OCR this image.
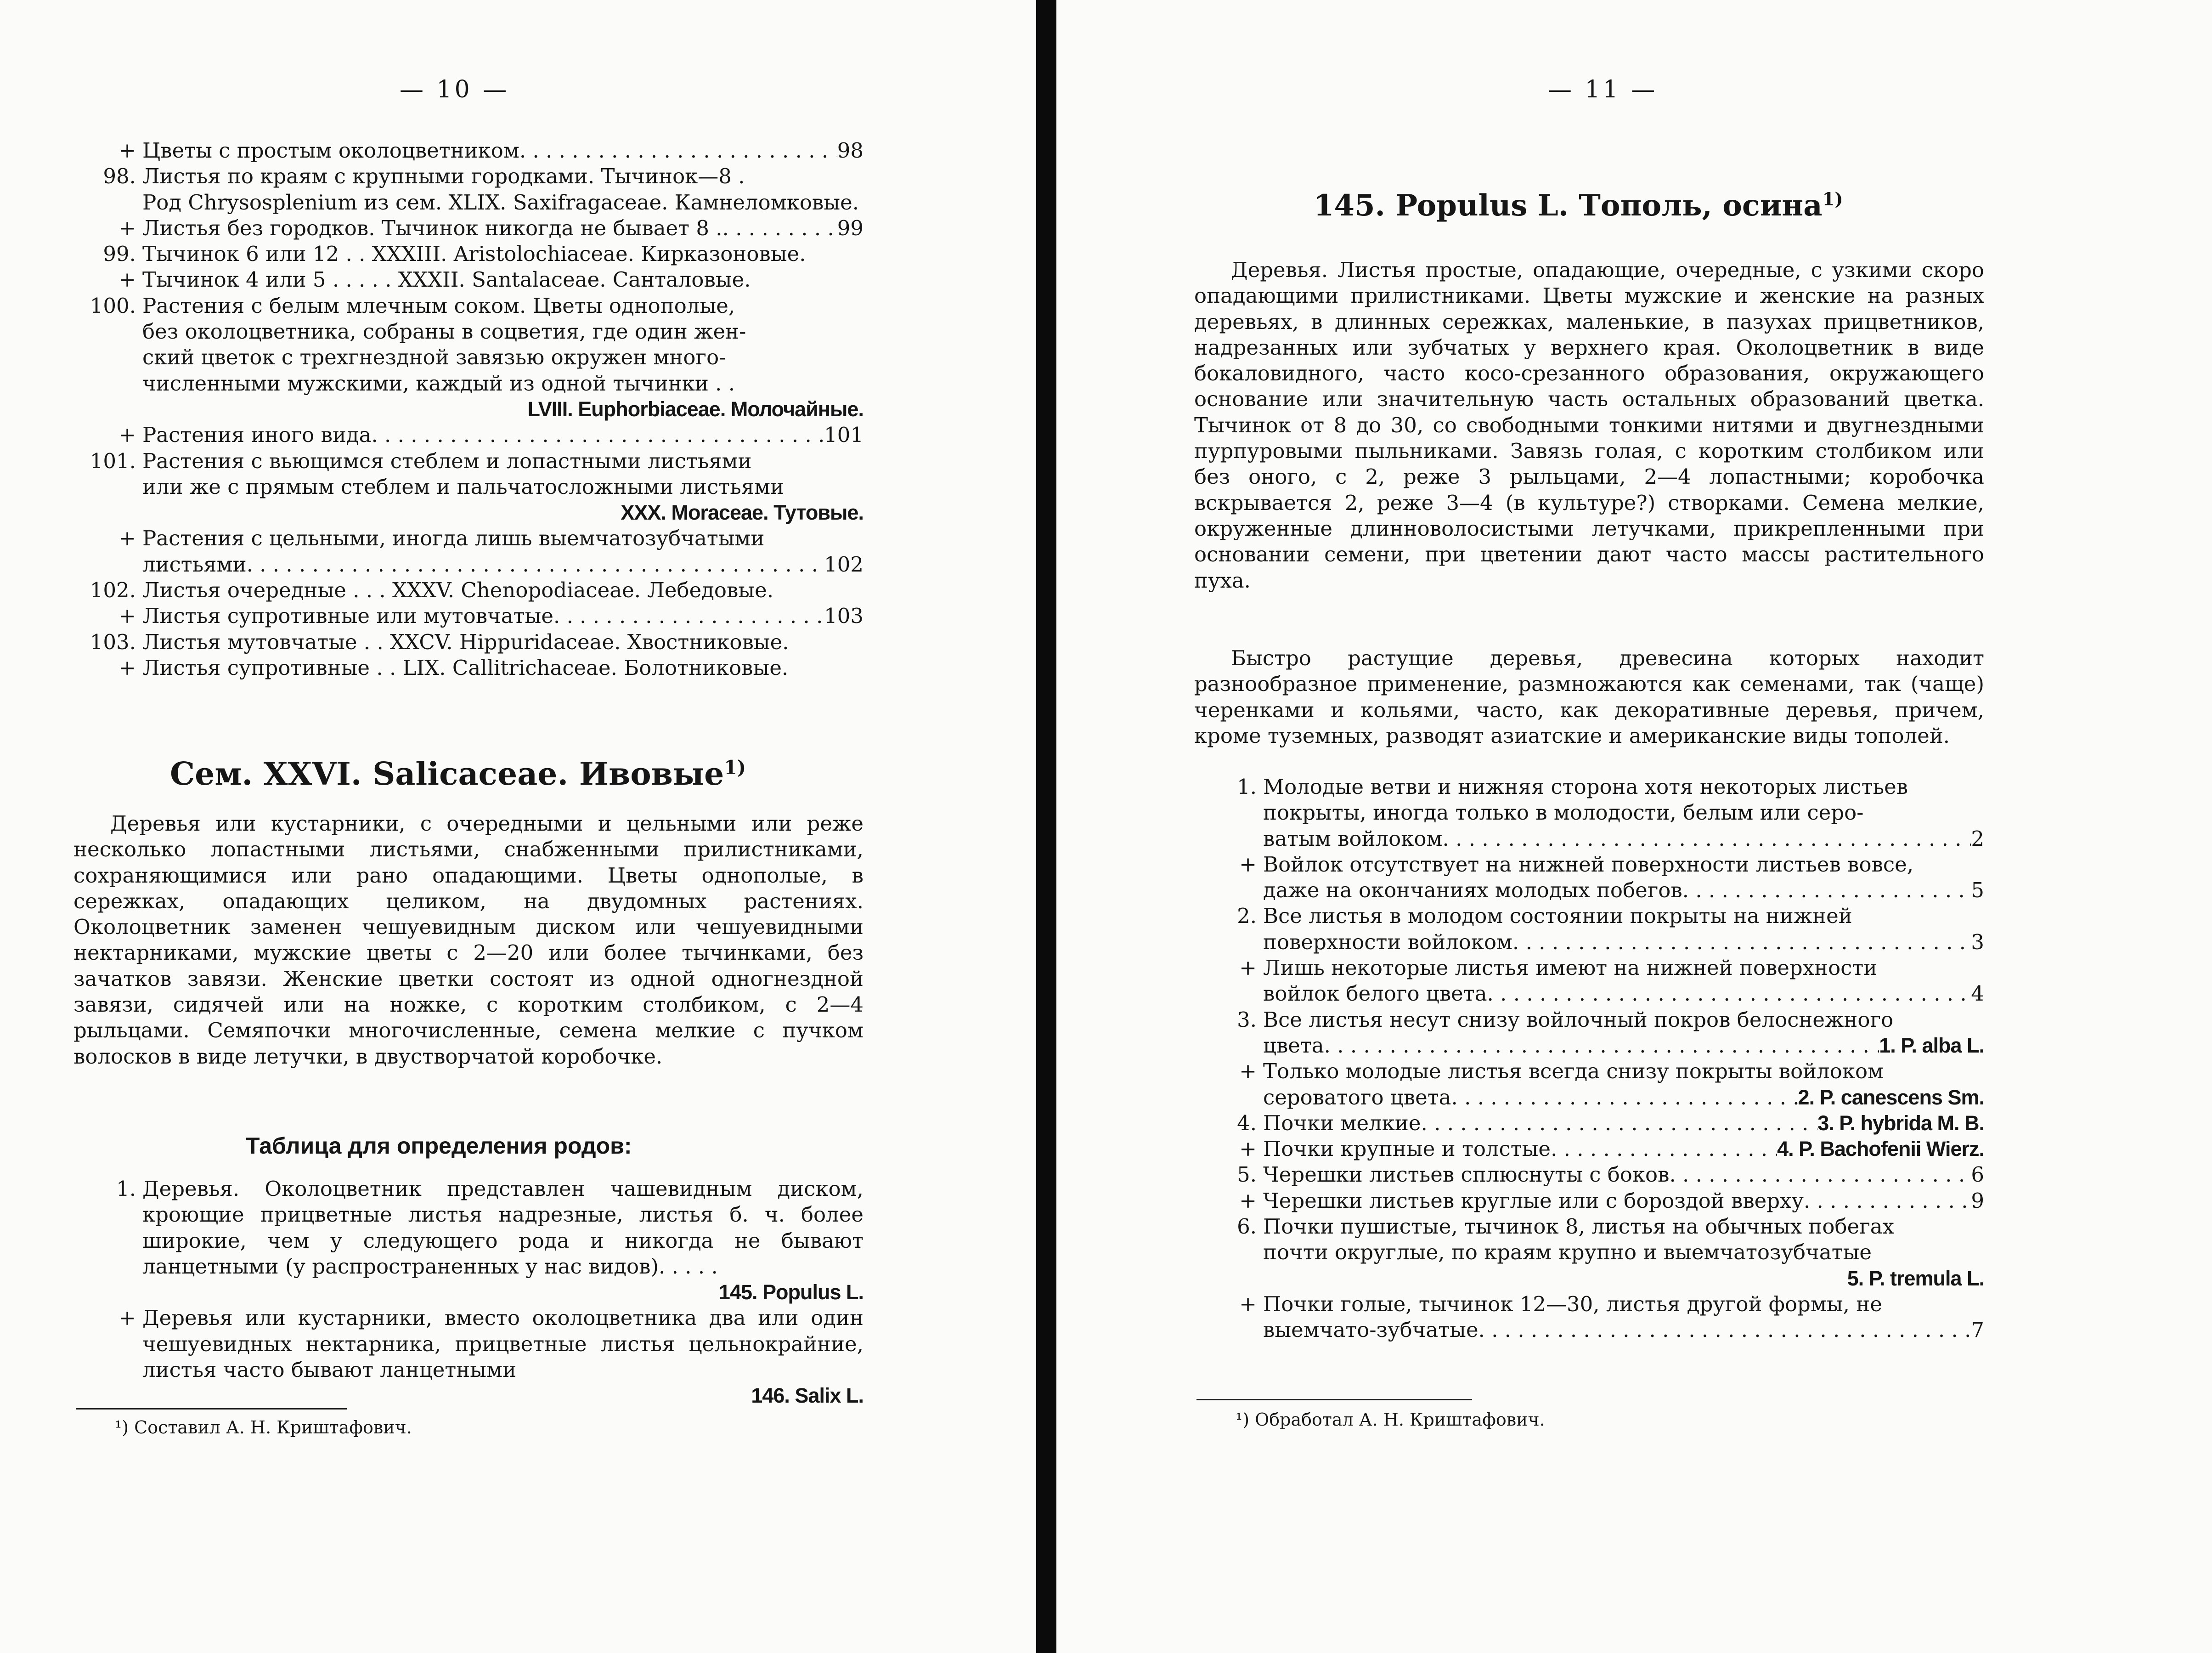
— 10 —
+ Цветы с простым околоцветником . . .	98
98. Листья по краям с крупными городками. Тычинок—8 .
Род Chrysosplenium из сем. XLIX. Saxifragaceae. Камнеломковые.
+ Листья без городков. Тычинок никогда не бывает 8 . . . .	99
99. Тычинок 6 или 12 . . XXXIII. Aristolochiaceae. Кирказоновые.
+ Тычинок 4 или 5 . . . . . XXXII. Santalaceae. Санталовые.
100. Растения с белым млечным соком. Цветы однополые,
без околоцветника, собраны в соцветия, где один жен-
ский цветок с трехгнездной завязью окружен много-
численными мужскими, каждый из одной тычинки . .
LVIII. Euphorbiaceae. Молочайные.
+ Растения иного вида . . .	101
101. Растения с вьющимся стеблем и лопастными листьями
или же с прямым стеблем и пальчатосложными листьями
XXX. Moraceae. Тутовые.
+ Растения с цельными, иногда лишь выемчатозубчатыми
листьями . . .	102
102. Листья очередные . . . XXXV. Chenopodiaceae. Лебедовые.
+ Листья супротивные или мутовчатые . . .	103
103. Листья мутовчатые . . XXCV. Hippuridaceae. Хвостниковые.
+ Листья супротивные . . LIX. Callitrichaceae. Болотниковые.
Сем. XXVI. Salicaceae. Ивовые$^{1)}$
Деревья или кустарники, с очередными и цельными или реже несколько лопастными листьями, снабженными прилистниками, сохраняющимися или рано опадающими. Цветы однополые, в сережках, опадающих целиком, на двудомных растениях. Околоцветник заменен чешуевидным диском или чешуевидными нектарниками, мужские цветы с 2—20 или более тычинками, без зачатков завязи. Женские цветки состоят из одной одногнездной завязи, сидячей или на ножке, с коротким столбиком, с 2—4 рыльцами. Семяпочки многочисленные, семена мелкие с пучком волосков в виде летучки, в двустворчатой коробочке.
Таблица для определения родов:
1. Деревья. Околоцветник представлен чашевидным диском, кроющие прицветные листья надрезные, листья б. ч. более широкие, чем у следующего рода и никогда не бывают ланцетными (у распространенных у нас видов). . . . .
145. Populus L.
+ Деревья или кустарники, вместо околоцветника два или один чешуевидных нектарника, прицветные листья цельнокрайние, листья часто бывают ланцетными
146. Salix L.
¹) Составил А. Н. Криштафович.
— 11 —
145. Populus L. Тополь, осина$^{1)}$
Деревья. Листья простые, опадающие, очередные, с узкими скоро опадающими прилистниками. Цветы мужские и женские на разных деревьях, в длинных сережках, маленькие, в пазухах прицветников, надрезанных или зубчатых у верхнего края. Околоцветник в виде бокаловидного, часто косо-срезанного образования, окружающего основание или значительную часть остальных образований цветка. Тычинок от 8 до 30, со свободными тонкими нитями и двугнездными пурпуровыми пыльниками. Завязь голая, с коротким столбиком или без оного, с 2, реже 3 рыльцами, 2—4 лопастными; коробочка вскрывается 2, реже 3—4 (в культуре?) створками. Семена мелкие, окруженные длинноволосистыми летучками, прикрепленными при основании семени, при цветении дают часто массы растительного пуха.
Быстро растущие деревья, древесина которых находит разнообразное применение, размножаются как семенами, так (чаще) черенками и кольями, часто, как декоративные деревья, причем, кроме туземных, разводят азиатские и американские виды тополей.
1. Молодые ветви и нижняя сторона хотя некоторых листьев
покрыты, иногда только в молодости, белым или серо-
ватым войлоком . . .	2
+ Войлок отсутствует на нижней поверхности листьев вовсе,
даже на окончаниях молодых побегов . . .	5
2. Все листья в молодом состоянии покрыты на нижней
поверхности войлоком . . .	3
+ Лишь некоторые листья имеют на нижней поверхности
войлок белого цвета . . .	4
3. Все листья несут снизу войлочный покров белоснежного
цвета . . .	1. P. alba L.
+ Только молодые листья всегда снизу покрыты войлоком
сероватого цвета . . .	2. P. canescens Sm.
4. Почки мелкие . . .	3. P. hybrida M. B.
+ Почки крупные и толстые . . .	4. P. Bachofenii Wierz.
5. Черешки листьев сплюснуты с боков . . .	6
+ Черешки листьев круглые или с бороздой вверху . . .	9
6. Почки пушистые, тычинок 8, листья на обычных побегах
почти округлые, по краям крупно и выемчатозубчатые
5. P. tremula L.
+ Почки голые, тычинок 12—30, листья другой формы, не
выемчато-зубчатые . . .	7
¹) Обработал А. Н. Криштафович.
